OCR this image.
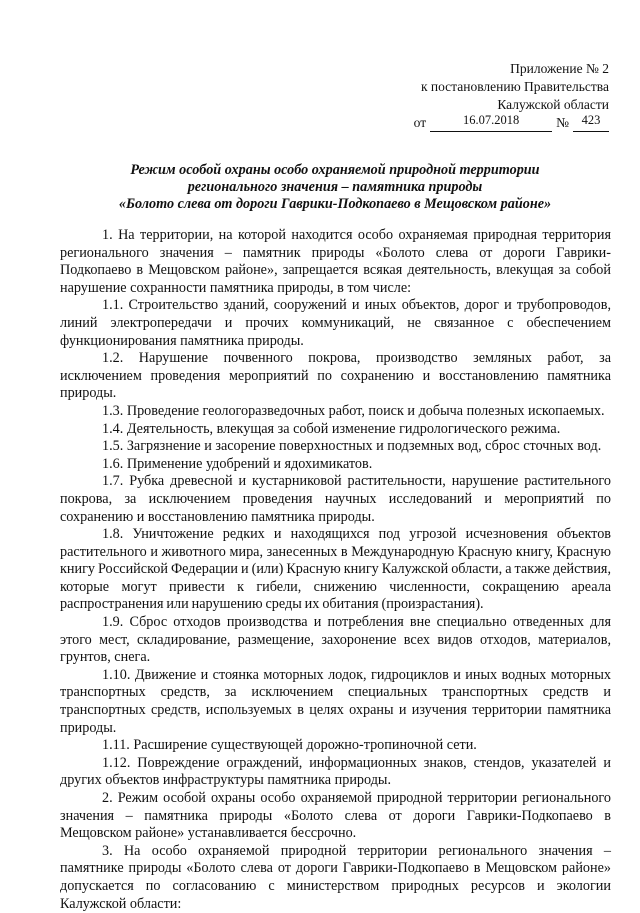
Приложение № 2
к постановлению Правительства
Калужской области
от	16.07.2018	№	423
Режим особой охраны особо охраняемой природной территории
регионального значения – памятника природы
«Болото слева от дороги Гаврики-Подкопаево в Мещовском районе»

1. На территории, на которой находится особо охраняемая природная территория регионального значения – памятник природы «Болото слева от дороги Гаврики-Подкопаево в Мещовском районе», запрещается всякая деятельность, влекущая за собой нарушение сохранности памятника природы, в том числе:

1.1. Строительство зданий, сооружений и иных объектов, дорог и трубопроводов, линий электропередачи и прочих коммуникаций, не связанное с обеспечением функционирования памятника природы.

1.2. Нарушение почвенного покрова, производство земляных работ, за исключением проведения мероприятий по сохранению и восстановлению памятника природы.

1.3. Проведение геологоразведочных работ, поиск и добыча полезных ископаемых.

1.4. Деятельность, влекущая за собой изменение гидрологического режима.

1.5. Загрязнение и засорение поверхностных и подземных вод, сброс сточных вод.

1.6. Применение удобрений и ядохимикатов.

1.7. Рубка древесной и кустарниковой растительности, нарушение растительного покрова, за исключением проведения научных исследований и мероприятий по сохранению и восстановлению памятника природы.

1.8. Уничтожение редких и находящихся под угрозой исчезновения объектов растительного и животного мира, занесенных в Международную Красную книгу, Красную книгу Российской Федерации и (или) Красную книгу Калужской области, а также действия, которые могут привести к гибели, снижению численности, сокращению ареала распространения или нарушению среды их обитания (произрастания).

1.9. Сброс отходов производства и потребления вне специально отведенных для этого мест, складирование, размещение, захоронение всех видов отходов, материалов, грунтов, снега.

1.10. Движение и стоянка моторных лодок, гидроциклов и иных водных моторных транспортных средств, за исключением специальных транспортных средств и транспортных средств, используемых в целях охраны и изучения территории памятника природы.

1.11. Расширение существующей дорожно-тропиночной сети.

1.12. Повреждение ограждений, информационных знаков, стендов, указателей и других объектов инфраструктуры памятника природы.

2. Режим особой охраны особо охраняемой природной территории регионального значения – памятника природы «Болото слева от дороги Гаврики-Подкопаево в Мещовском районе» устанавливается бессрочно.

3. На особо охраняемой природной территории регионального значения – памятнике природы «Болото слева от дороги Гаврики-Подкопаево в Мещовском районе» допускается по согласованию с министерством природных ресурсов и экологии Калужской области:
